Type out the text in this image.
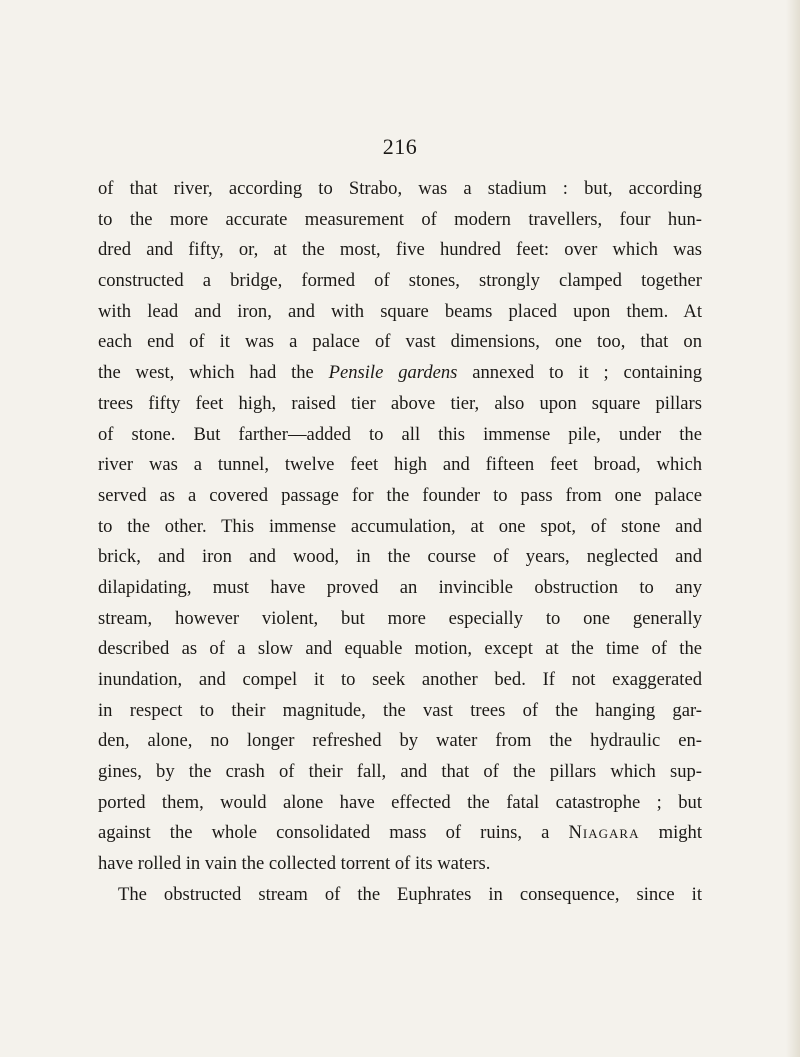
216
of that river, according to Strabo, was a stadium : but, according
to the more accurate measurement of modern travellers, four hun-
dred and fifty, or, at the most, five hundred feet: over which was
constructed a bridge, formed of stones, strongly clamped together
with lead and iron, and with square beams placed upon them. At
each end of it was a palace of vast dimensions, one too, that on
the west, which had the Pensile gardens annexed to it ; containing
trees fifty feet high, raised tier above tier, also upon square pillars
of stone. But farther—added to all this immense pile, under the
river was a tunnel, twelve feet high and fifteen feet broad, which
served as a covered passage for the founder to pass from one palace
to the other. This immense accumulation, at one spot, of stone and
brick, and iron and wood, in the course of years, neglected and
dilapidating, must have proved an invincible obstruction to any
stream, however violent, but more especially to one generally
described as of a slow and equable motion, except at the time of the
inundation, and compel it to seek another bed. If not exaggerated
in respect to their magnitude, the vast trees of the hanging gar-
den, alone, no longer refreshed by water from the hydraulic en-
gines, by the crash of their fall, and that of the pillars which sup-
ported them, would alone have effected the fatal catastrophe ; but
against the whole consolidated mass of ruins, a Niagara might
have rolled in vain the collected torrent of its waters.
The obstructed stream of the Euphrates in consequence, since it
